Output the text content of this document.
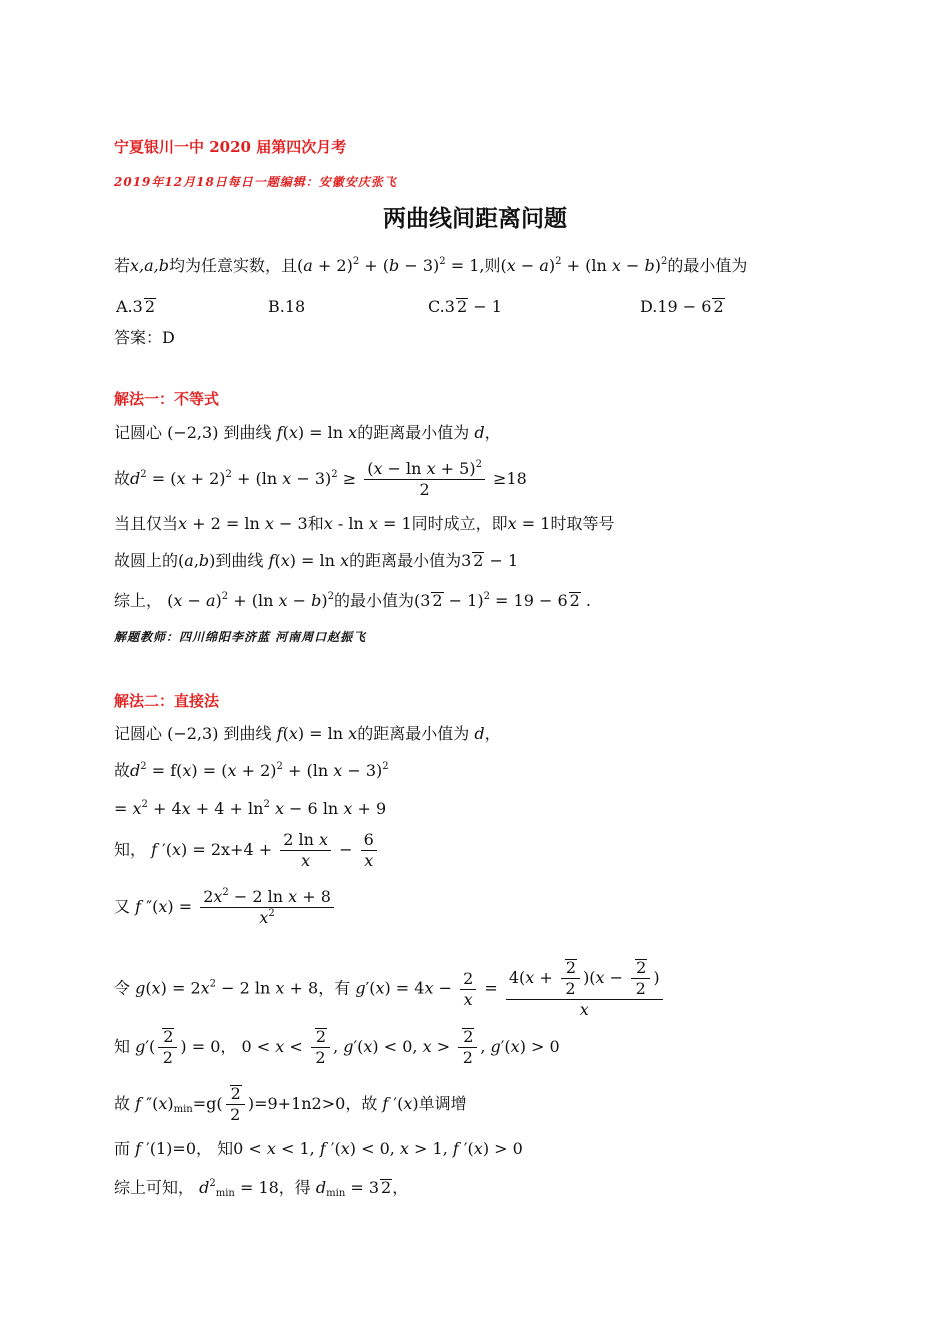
宁夏银川一中 2020 届第四次月考
2019年12月18日每日一题编辑：安徽安庆张飞
两曲线间距离问题
若x,a,b均为任意实数，且$(a + 2)^2 + (b - 3)^2 = 1$,则$(x - a)^2 + (\ln$ x − b)$^2$的最小值为
A.3 2	B.18	C.3 2 − 1	D.19 − 6 2
答案：D
解法一：不等式
记圆心 (−2,3) 到曲线 f(x) = ln x的距离最小值为 d，
故$d^2 = (x + 2)^2 + (\ln$ $x - 3)^2 \ge \frac{(x - \ln x + 5)^2}{2} \ge 18$
当且仅当x + 2 = ln x − 3和x - ln x = 1同时成立，即x = 1时取等号
故圆上的(a,b)到曲线 f(x) = ln x的距离最小值为3 2 − 1
综上， $(x - a)^2 + (\ln$ x − b)$^2$的最小值为(3 2 − 1)$^2$ = 19 − 6 2 .
解题教师：四川绵阳李济蓝 河南周口赵振飞
解法二：直接法
记圆心 (−2,3) 到曲线 f(x) = ln x的距离最小值为 d，
故$d^2 = f(x) = (x + 2)^2 + (\ln$ x − 3)$^2$
= $x^2 + 4x + 4 + \ln^2 x - 6$ ln x + 9
知， f $'(x) = 2x+4 + \frac{\text{2 ln x}}{x} - \frac{6}{x}$
又 f $''(x) = \frac{2x^2 - 2 \ln x + 8}{x^2}$
令 $g(x) = 2x^2 - 2$ ln x + 8，有 $g'(x) = 4x - \frac{2}{x} = \frac{4(x + \frac{2}{2} )(x - \frac{2}{2} )}{x}$
知 $g'( \frac{2}{2}$ ) = 0， $0 < x < \frac{2}{2}$ , g′(x) < 0, $x > \frac{2}{2}$ , g′(x) > 0
故 f $''(x)_{min}=g( \frac{2}{2} )=9+1n2>0$，故 f ′(x)单调增
而 f ′(1)=0， 知0 < x < 1, f ′(x) < 0, x > 1, f ′(x) > 0
综上可知， $d^2_{min} = 18$，得 $d_{min} = 3$ 2，
